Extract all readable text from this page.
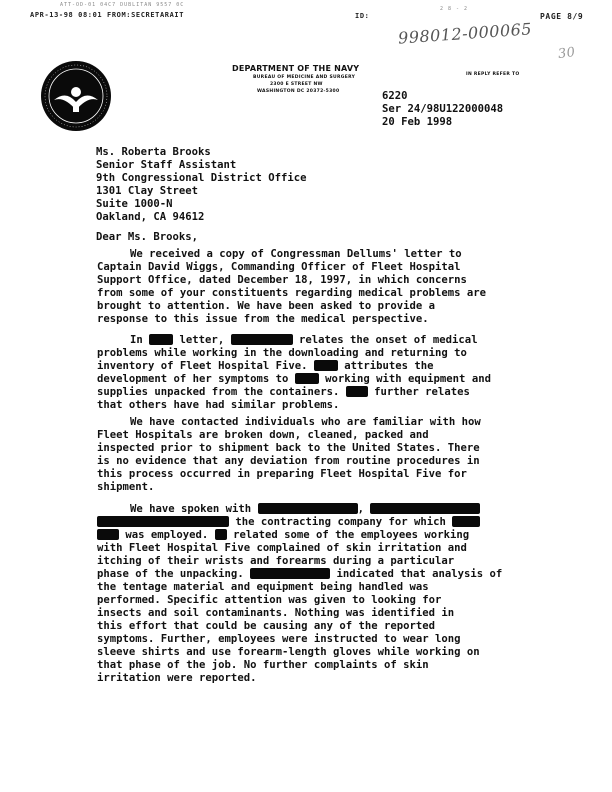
ATT-OD-01 04C7 DUBLITAN 9557 0C
APR-13-98 08:01 FROM:SECRETARAIT	ID:
2 8 - 2
PAGE 8/9
998012-000065
30
DEPARTMENT OF THE NAVY
BUREAU OF MEDICINE AND SURGERY
2300 E STREET NW
WASHINGTON DC 20372-5300
IN REPLY REFER TO
6220
Ser 24/98U122000048
20 Feb 1998
Ms. Roberta Brooks
Senior Staff Assistant
9th Congressional District Office
1301 Clay Street
Suite 1000-N
Oakland, CA 94612
Dear Ms. Brooks,
We received a copy of Congressman Dellums' letter to
Captain David Wiggs, Commanding Officer of Fleet Hospital
Support Office, dated December 18, 1997, in which concerns
from some of your constituents regarding medical problems are
brought to attention. We have been asked to provide a
response to this issue from the medical perspective.
In	letter,	relates the onset of medical
problems while working in the downloading and returning to
inventory of Fleet Hospital Five.	attributes the
development of her symptoms to	working with equipment and
supplies unpacked from the containers.	further relates
that others have had similar problems.
We have contacted individuals who are familiar with how
Fleet Hospitals are broken down, cleaned, packed and
inspected prior to shipment back to the United States. There
is no evidence that any deviation from routine procedures in
this process occurred in preparing Fleet Hospital Five for
shipment.
We have spoken with	,
the contracting company for which
was employed. related some of the employees working
with Fleet Hospital Five complained of skin irritation and
itching of their wrists and forearms during a particular
phase of the unpacking.	indicated that analysis of
the tentage material and equipment being handled was
performed. Specific attention was given to looking for
insects and soil contaminants. Nothing was identified in
this effort that could be causing any of the reported
symptoms. Further, employees were instructed to wear long
sleeve shirts and use forearm-length gloves while working on
that phase of the job. No further complaints of skin
irritation were reported.
